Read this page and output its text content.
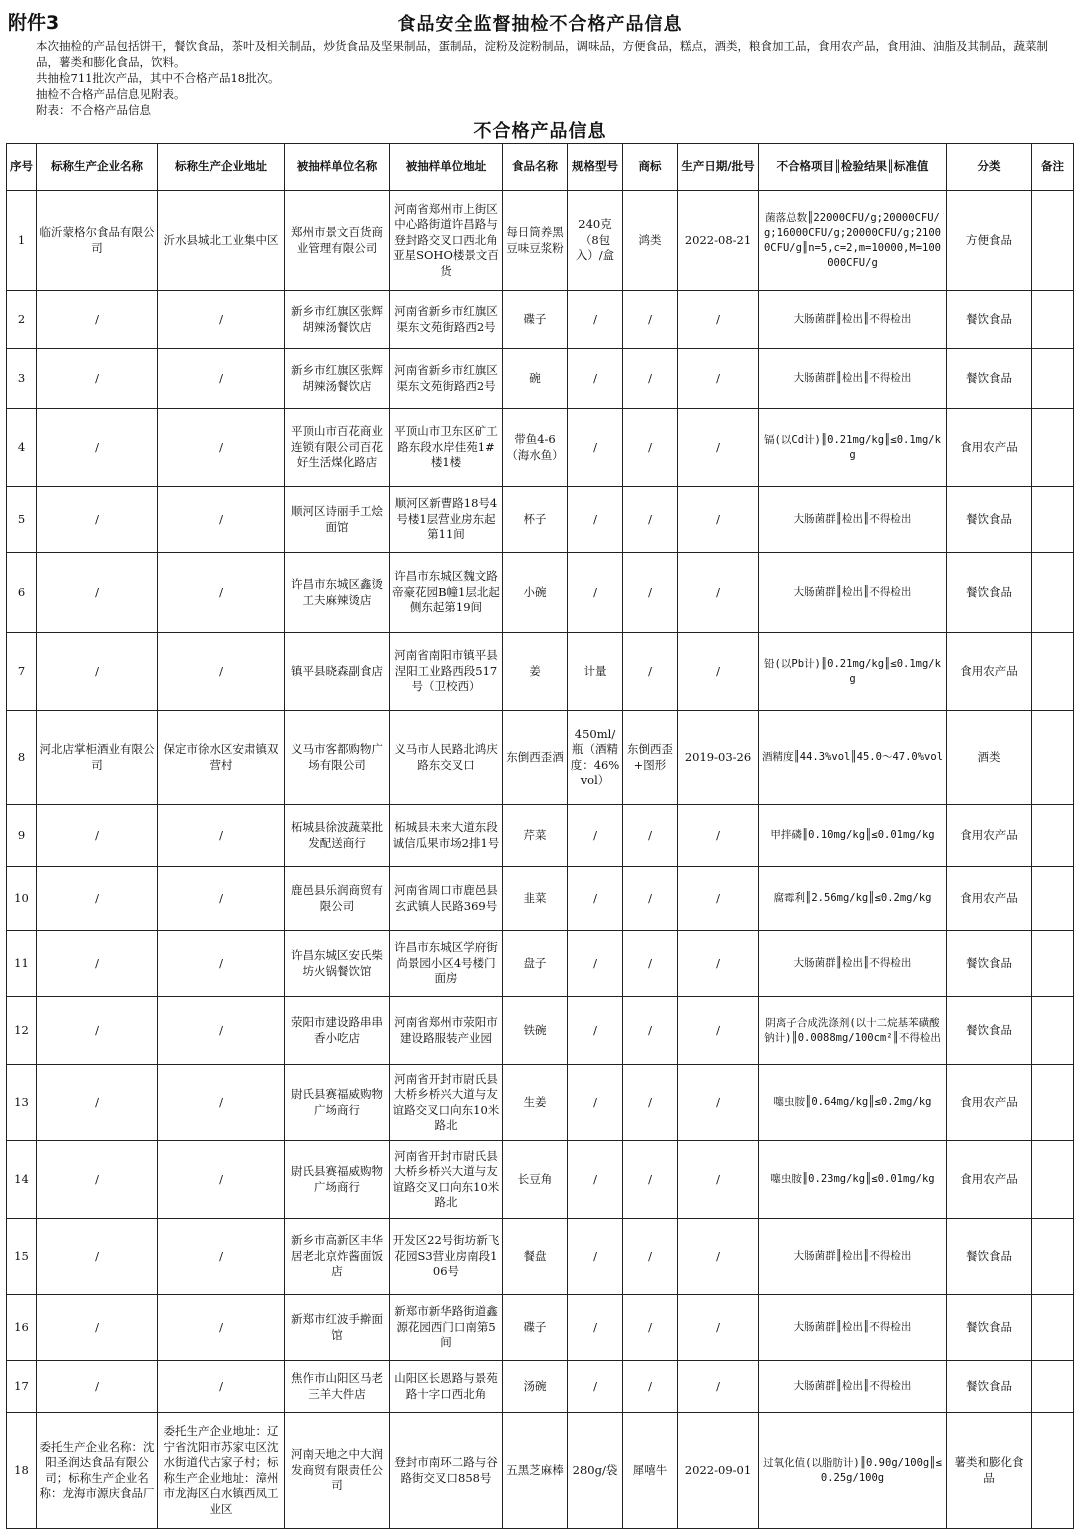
附件3	食品安全监督抽检不合格产品信息

本次抽检的产品包括饼干，餐饮食品，茶叶及相关制品，炒货食品及坚果制品，蛋制品，淀粉及淀粉制品，调味品，方便食品，糕点，酒类，粮食加工品，食用农产品，食用油、油脂及其制品，蔬菜制品，薯类和膨化食品，饮料。

共抽检711批次产品，其中不合格产品18批次。

抽检不合格产品信息见附表。

附表：不合格产品信息

不合格产品信息
序号	标称生产企业名称	标称生产企业地址	被抽样单位名称	被抽样单位地址	食品名称	规格型号	商标	生产日期/批号	不合格项目║检验结果║标准值	分类	备注
1	临沂蒙格尔食品有限公司	沂水县城北工业集中区	郑州市景文百货商业管理有限公司	河南省郑州市上街区中心路街道许昌路与登封路交叉口西北角亚星SOHO楼景文百货	每日筒养黑豆味豆浆粉	240克（8包入）/盒	鸿类	2022-08-21	菌落总数║22000CFU/g;20000CFU/g;16000CFU/g;20000CFU/g;21000CFU/g║n=5,c=2,m=10000,M=100000CFU/g	方便食品	
2	/	/	新乡市红旗区张辉胡辣汤餐饮店	河南省新乡市红旗区渠东文苑街路西2号	碟子	/	/	/	大肠菌群║检出║不得检出	餐饮食品	
3	/	/	新乡市红旗区张辉胡辣汤餐饮店	河南省新乡市红旗区渠东文苑街路西2号	碗	/	/	/	大肠菌群║检出║不得检出	餐饮食品	
4	/	/	平顶山市百花商业连锁有限公司百花好生活煤化路店	平顶山市卫东区矿工路东段水岸佳苑1#楼1楼	带鱼4-6（海水鱼）	/	/	/	镉(以Cd计)║0.21mg/kg║≤0.1mg/kg	食用农产品	
5	/	/	顺河区诗丽手工烩面馆	顺河区新曹路18号4号楼1层营业房东起第11间	杯子	/	/	/	大肠菌群║检出║不得检出	餐饮食品	
6	/	/	许昌市东城区鑫烫工夫麻辣烫店	许昌市东城区魏文路帝豪花园B幢1层北起侧东起第19间	小碗	/	/	/	大肠菌群║检出║不得检出	餐饮食品	
7	/	/	镇平县晓森副食店	河南省南阳市镇平县涅阳工业路西段517号（卫校西）	姜	计量	/	/	铅(以Pb计)║0.21mg/kg║≤0.1mg/kg	食用农产品	
8	河北店掌柜酒业有限公司	保定市徐水区安肃镇双营村	义马市客都购物广场有限公司	义马市人民路北鸿庆路东交叉口	东倒西歪酒	450ml/瓶（酒精度：46%vol）	东倒西歪+图形	2019-03-26	酒精度║44.3%vol║45.0～47.0%vol	酒类	
9	/	/	柘城县徐波蔬菜批发配送商行	柘城县未来大道东段诚信瓜果市场2排1号	芹菜	/	/	/	甲拌磷║0.10mg/kg║≤0.01mg/kg	食用农产品	
10	/	/	鹿邑县乐润商贸有限公司	河南省周口市鹿邑县玄武镇人民路369号	韭菜	/	/	/	腐霉利║2.56mg/kg║≤0.2mg/kg	食用农产品	
11	/	/	许昌东城区安氏柴坊火锅餐饮馆	许昌市东城区学府街尚景园小区4号楼门面房	盘子	/	/	/	大肠菌群║检出║不得检出	餐饮食品	
12	/	/	荥阳市建设路串串香小吃店	河南省郑州市荥阳市建设路服装产业园	铁碗	/	/	/	阴离子合成洗涤剂(以十二烷基苯磺酸钠计)║0.0088mg/100cm²║不得检出	餐饮食品	
13	/	/	尉氏县赛福威购物广场商行	河南省开封市尉氏县大桥乡桥兴大道与友谊路交叉口向东10米路北	生姜	/	/	/	噻虫胺║0.64mg/kg║≤0.2mg/kg	食用农产品	
14	/	/	尉氏县赛福威购物广场商行	河南省开封市尉氏县大桥乡桥兴大道与友谊路交叉口向东10米路北	长豆角	/	/	/	噻虫胺║0.23mg/kg║≤0.01mg/kg	食用农产品	
15	/	/	新乡市高新区丰华居老北京炸酱面饭店	开发区22号街坊新飞花园S3营业房南段106号	餐盘	/	/	/	大肠菌群║检出║不得检出	餐饮食品	
16	/	/	新郑市红波手擀面馆	新郑市新华路街道鑫源花园西门口南第5间	碟子	/	/	/	大肠菌群║检出║不得检出	餐饮食品	
17	/	/	焦作市山阳区马老三羊大件店	山阳区长恩路与景苑路十字口西北角	汤碗	/	/	/	大肠菌群║检出║不得检出	餐饮食品	
18	委托生产企业名称：沈阳圣润达食品有限公司；标称生产企业名称：龙海市源庆食品厂	委托生产企业地址：辽宁省沈阳市苏家屯区沈水街道代古家子村；标称生产企业地址：漳州市龙海区白水镇西凤工业区	河南天地之中大润发商贸有限责任公司	登封市南环二路与谷路街交叉口858号	五黑芝麻棒	280g/袋	犀嘻牛	2022-09-01	过氧化值(以脂肪计)║0.90g/100g║≤0.25g/100g	薯类和膨化食品	
